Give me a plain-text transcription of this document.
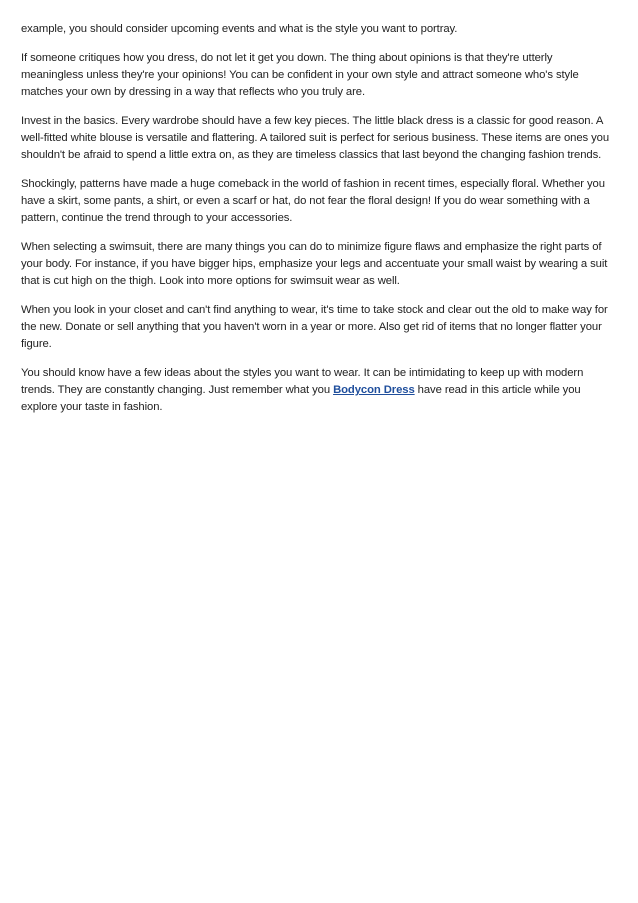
example, you should consider upcoming events and what is the style you want to portray.

If someone critiques how you dress, do not let it get you down. The thing about opinions is that they're utterly meaningless unless they're your opinions! You can be confident in your own style and attract someone who's style matches your own by dressing in a way that reflects who you truly are.

Invest in the basics. Every wardrobe should have a few key pieces. The little black dress is a classic for good reason. A well-fitted white blouse is versatile and flattering. A tailored suit is perfect for serious business. These items are ones you shouldn't be afraid to spend a little extra on, as they are timeless classics that last beyond the changing fashion trends.

Shockingly, patterns have made a huge comeback in the world of fashion in recent times, especially floral. Whether you have a skirt, some pants, a shirt, or even a scarf or hat, do not fear the floral design! If you do wear something with a pattern, continue the trend through to your accessories.

When selecting a swimsuit, there are many things you can do to minimize figure flaws and emphasize the right parts of your body. For instance, if you have bigger hips, emphasize your legs and accentuate your small waist by wearing a suit that is cut high on the thigh. Look into more options for swimsuit wear as well.

When you look in your closet and can't find anything to wear, it's time to take stock and clear out the old to make way for the new. Donate or sell anything that you haven't worn in a year or more. Also get rid of items that no longer flatter your figure.

You should know have a few ideas about the styles you want to wear. It can be intimidating to keep up with modern trends. They are constantly changing. Just remember what you Bodycon Dress have read in this article while you explore your taste in fashion.
